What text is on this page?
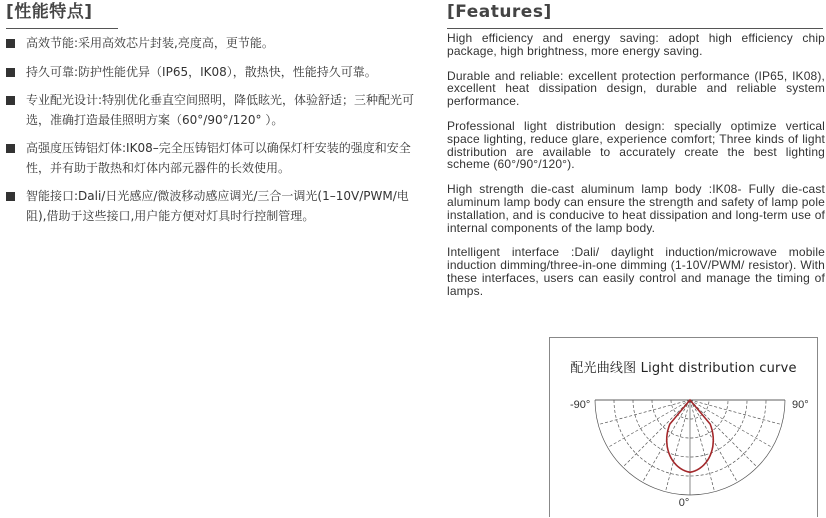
[性能特点]
高效节能:采用高效芯片封装,亮度高，更节能。
持久可靠:防护性能优异（IP65，IK08），散热快，性能持久可靠。
专业配光设计:特别优化垂直空间照明，降低眩光，体验舒适；三种配光可选，准确打造最佳照明方案（60°/90°/120° ）。
高强度压铸铝灯体:IK08–完全压铸铝灯体可以确保灯杆安装的强度和安全性，并有助于散热和灯体内部元器件的长效使用。
智能接口:Dali/日光感应/微波移动感应调光/三合一调光(1–10V/PWM/电阻),借助于这些接口,用户能方便对灯具时行控制管理。
[Features]
High efficiency and energy saving: adopt high efficiency chip package, high brightness, more energy saving.
Durable and reliable: excellent protection performance (IP65, IK08), excellent heat dissipation design, durable and reliable system performance.
Professional light distribution design: specially optimize vertical space lighting, reduce glare, experience comfort; Three kinds of light distribution are available to accurately create the best lighting scheme (60°/90°/120°).
High strength die-cast aluminum lamp body :IK08- Fully die-cast aluminum lamp body can ensure the strength and safety of lamp pole installation, and is conducive to heat dissipation and long-term use of internal components of the lamp body.
Intelligent interface :Dali/ daylight induction/microwave mobile induction dimming/three-in-one dimming (1-10V/PWM/ resistor). With these interfaces, users can easily control and manage the timing of lamps.
配光曲线图 Light distribution curve
-90°	90°
0°
